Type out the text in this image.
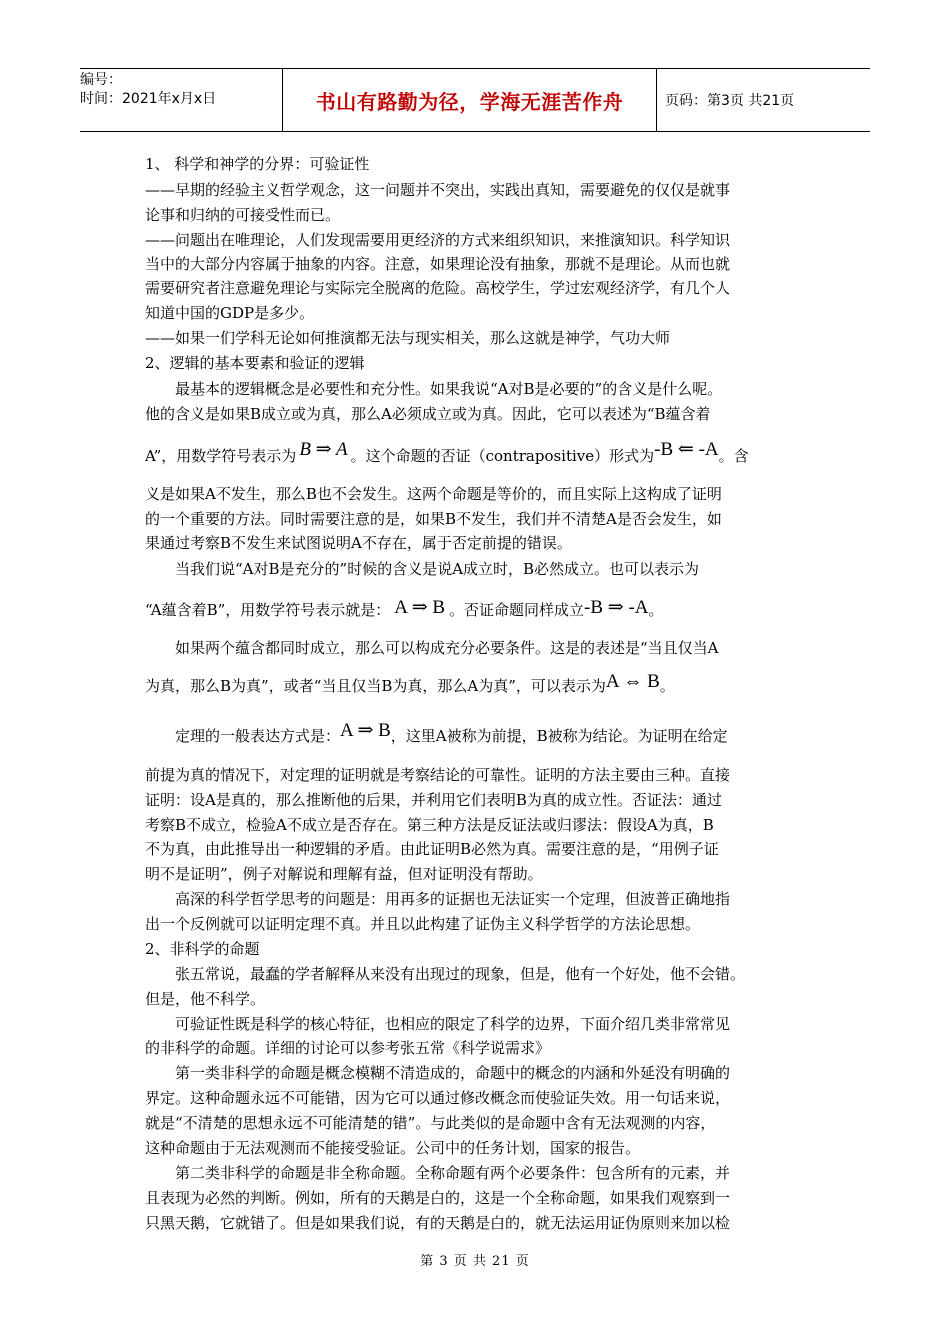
编号：
时间：2021年x月x日	书山有路勤为径，学海无涯苦作舟	页码：第3页 共21页
1、 科学和神学的分界：可验证性
——早期的经验主义哲学观念，这一问题并不突出，实践出真知，需要避免的仅仅是就事
论事和归纳的可接受性而已。
——问题出在唯理论，人们发现需要用更经济的方式来组织知识，来推演知识。科学知识
当中的大部分内容属于抽象的内容。注意，如果理论没有抽象，那就不是理论。从而也就
需要研究者注意避免理论与实际完全脱离的危险。高校学生，学过宏观经济学，有几个人
知道中国的GDP是多少。
——如果一们学科无论如何推演都无法与现实相关，那么这就是神学，气功大师
2、逻辑的基本要素和验证的逻辑
最基本的逻辑概念是必要性和充分性。如果我说“A对B是必要的”的含义是什么呢。
他的含义是如果B成立或为真，那么A必须成立或为真。因此，它可以表述为“B蕴含着
A”，用数学符号表示为 B ⇒ A 。这个命题的否证（contrapositive）形式为-B ⇐ -A。含
义是如果A不发生，那么B也不会发生。这两个命题是等价的，而且实际上这构成了证明
的一个重要的方法。同时需要注意的是，如果B不发生，我们并不清楚A是否会发生，如
果通过考察B不发生来试图说明A不存在，属于否定前提的错误。
当我们说“A对B是充分的”时候的含义是说A成立时，B必然成立。也可以表示为
“A蕴含着B”，用数学符号表示就是： A ⇒ B 。否证命题同样成立-B ⇒ -A。
如果两个蕴含都同时成立，那么可以构成充分必要条件。这是的表述是“当且仅当A
为真，那么B为真”，或者“当且仅当B为真，那么A为真”，可以表示为A ⇔ B。
定理的一般表达方式是：A ⇒ B，这里A被称为前提，B被称为结论。为证明在给定
前提为真的情况下，对定理的证明就是考察结论的可靠性。证明的方法主要由三种。直接
证明：设A是真的，那么推断他的后果，并利用它们表明B为真的成立性。否证法：通过
考察B不成立，检验A不成立是否存在。第三种方法是反证法或归谬法：假设A为真，B
不为真，由此推导出一种逻辑的矛盾。由此证明B必然为真。需要注意的是，“用例子证
明不是证明”，例子对解说和理解有益，但对证明没有帮助。
高深的科学哲学思考的问题是：用再多的证据也无法证实一个定理，但波普正确地指
出一个反例就可以证明定理不真。并且以此构建了证伪主义科学哲学的方法论思想。
2、非科学的命题
张五常说，最蠢的学者解释从来没有出现过的现象，但是，他有一个好处，他不会错。
但是，他不科学。
可验证性既是科学的核心特征，也相应的限定了科学的边界，下面介绍几类非常常见
的非科学的命题。详细的讨论可以参考张五常《科学说需求》
第一类非科学的命题是概念模糊不清造成的，命题中的概念的内涵和外延没有明确的
界定。这种命题永远不可能错，因为它可以通过修改概念而使验证失效。用一句话来说，
就是“不清楚的思想永远不可能清楚的错”。与此类似的是命题中含有无法观测的内容，
这种命题由于无法观测而不能接受验证。公司中的任务计划，国家的报告。
第二类非科学的命题是非全称命题。全称命题有两个必要条件：包含所有的元素，并
且表现为必然的判断。例如，所有的天鹅是白的，这是一个全称命题，如果我们观察到一
只黑天鹅，它就错了。但是如果我们说，有的天鹅是白的，就无法运用证伪原则来加以检
第 3 页 共 21 页
